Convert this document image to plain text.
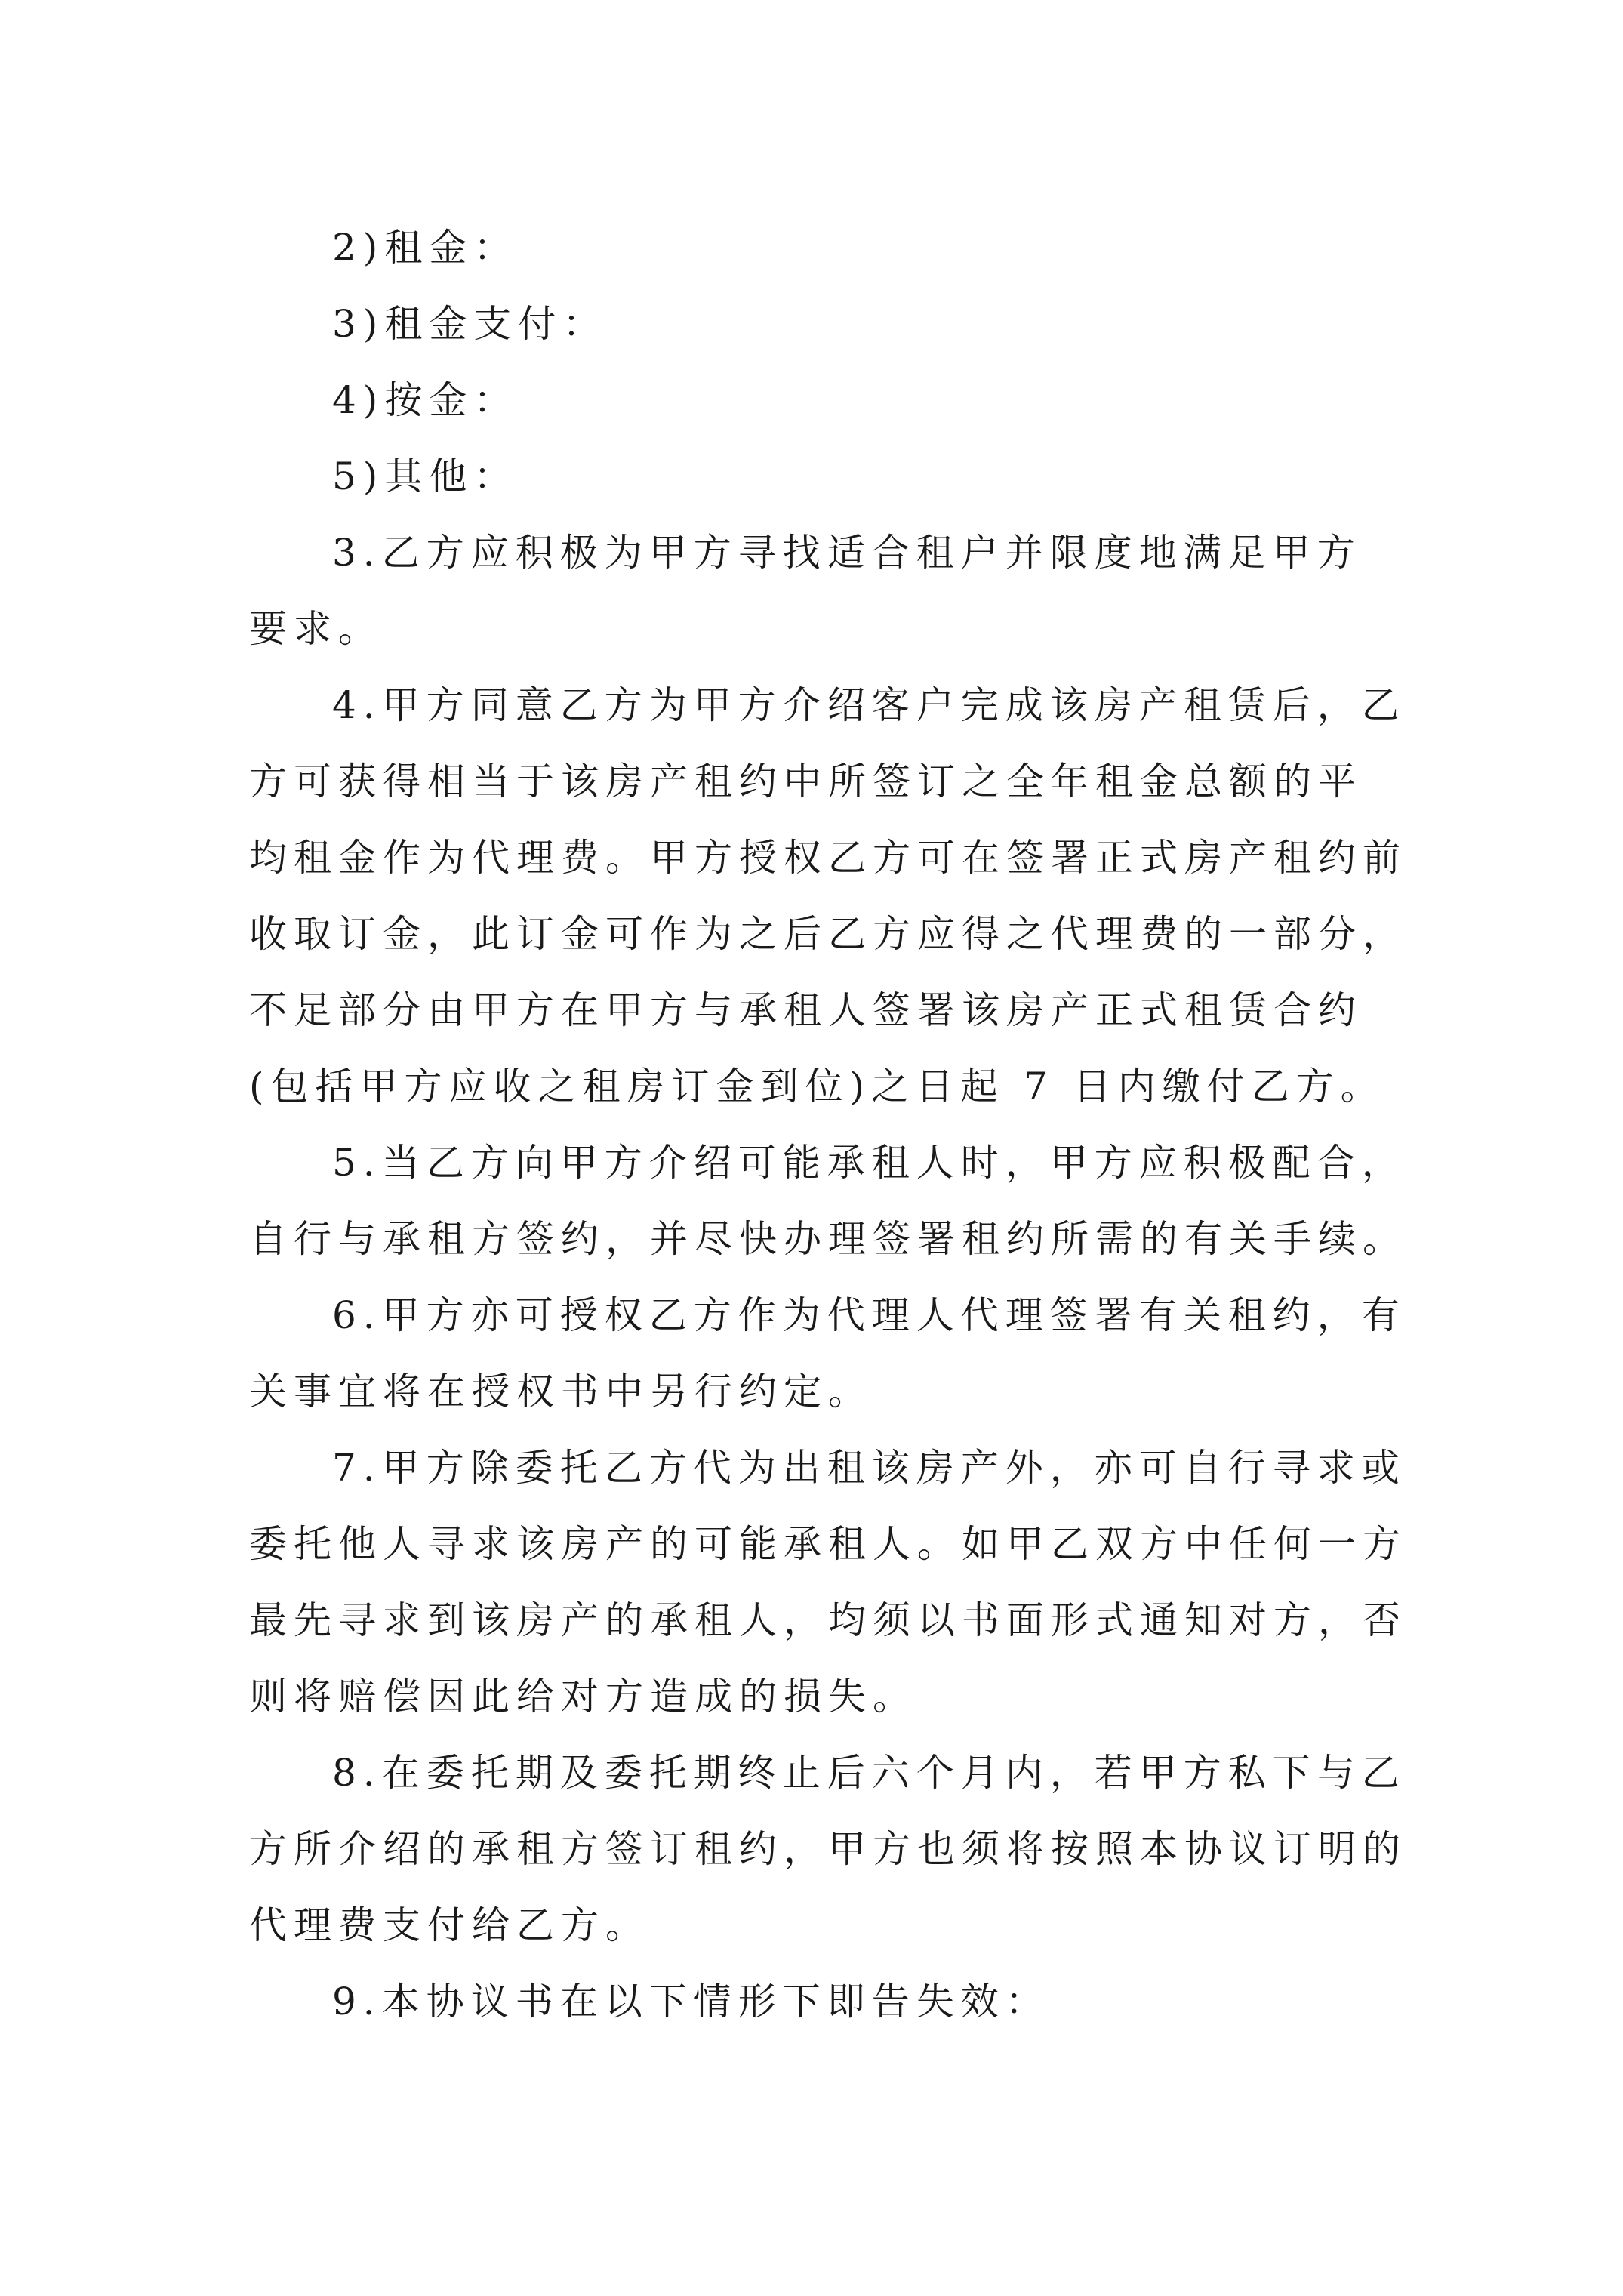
2)租金：
3)租金支付：
4)按金：
5)其他：
3.乙方应积极为甲方寻找适合租户并限度地满足甲方
要求。
4.甲方同意乙方为甲方介绍客户完成该房产租赁后，乙
方可获得相当于该房产租约中所签订之全年租金总额的平
均租金作为代理费。甲方授权乙方可在签署正式房产租约前
收取订金，此订金可作为之后乙方应得之代理费的一部分，
不足部分由甲方在甲方与承租人签署该房产正式租赁合约
(包括甲方应收之租房订金到位)之日起 7 日内缴付乙方。
5.当乙方向甲方介绍可能承租人时，甲方应积极配合，
自行与承租方签约，并尽快办理签署租约所需的有关手续。
6.甲方亦可授权乙方作为代理人代理签署有关租约，有
关事宜将在授权书中另行约定。
7.甲方除委托乙方代为出租该房产外，亦可自行寻求或
委托他人寻求该房产的可能承租人。如甲乙双方中任何一方
最先寻求到该房产的承租人，均须以书面形式通知对方，否
则将赔偿因此给对方造成的损失。
8.在委托期及委托期终止后六个月内，若甲方私下与乙
方所介绍的承租方签订租约，甲方也须将按照本协议订明的
代理费支付给乙方。
9.本协议书在以下情形下即告失效：
